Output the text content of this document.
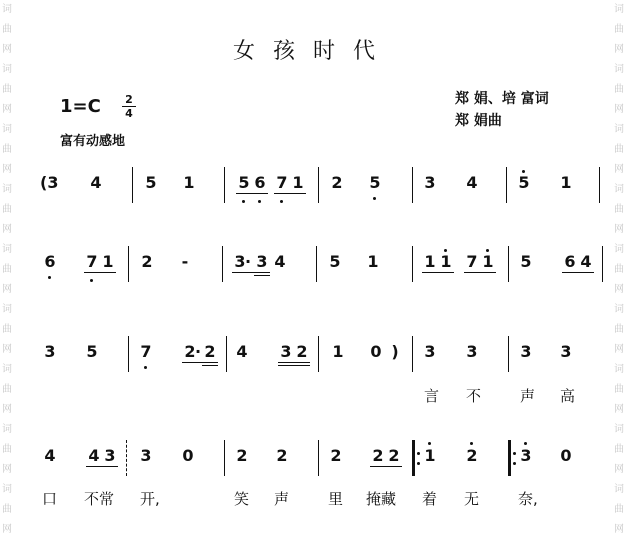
词
曲
网
词
曲
网
词
曲
网
词
曲
网
词
曲
网
词
曲
网
词
曲
网
词
曲
网
词
曲
网
词
曲
网
词
曲
网
词
曲
网
词
曲
网
词
曲
网
词
曲
网
词
曲
网
词
曲
网
词
曲
网
女孩时代
1=C 2
4
富有动感地
郑 娟、培 富词
郑 娟曲
(3 4	5 1	5 6 7 1 2 5	3 4	5 1
6 7 1 2 -	3 · 3 4	5 1	1 1 7 1 5 6 4
3 5	7 2 · 2 4 3 2 1 0 ) 3 3	3 3
言 不	声 高
4 4 3 3 0	2 2	2 2 2 1 2	3 0
口 不常 开,	笑 声	里 掩藏 着 无	奈,
